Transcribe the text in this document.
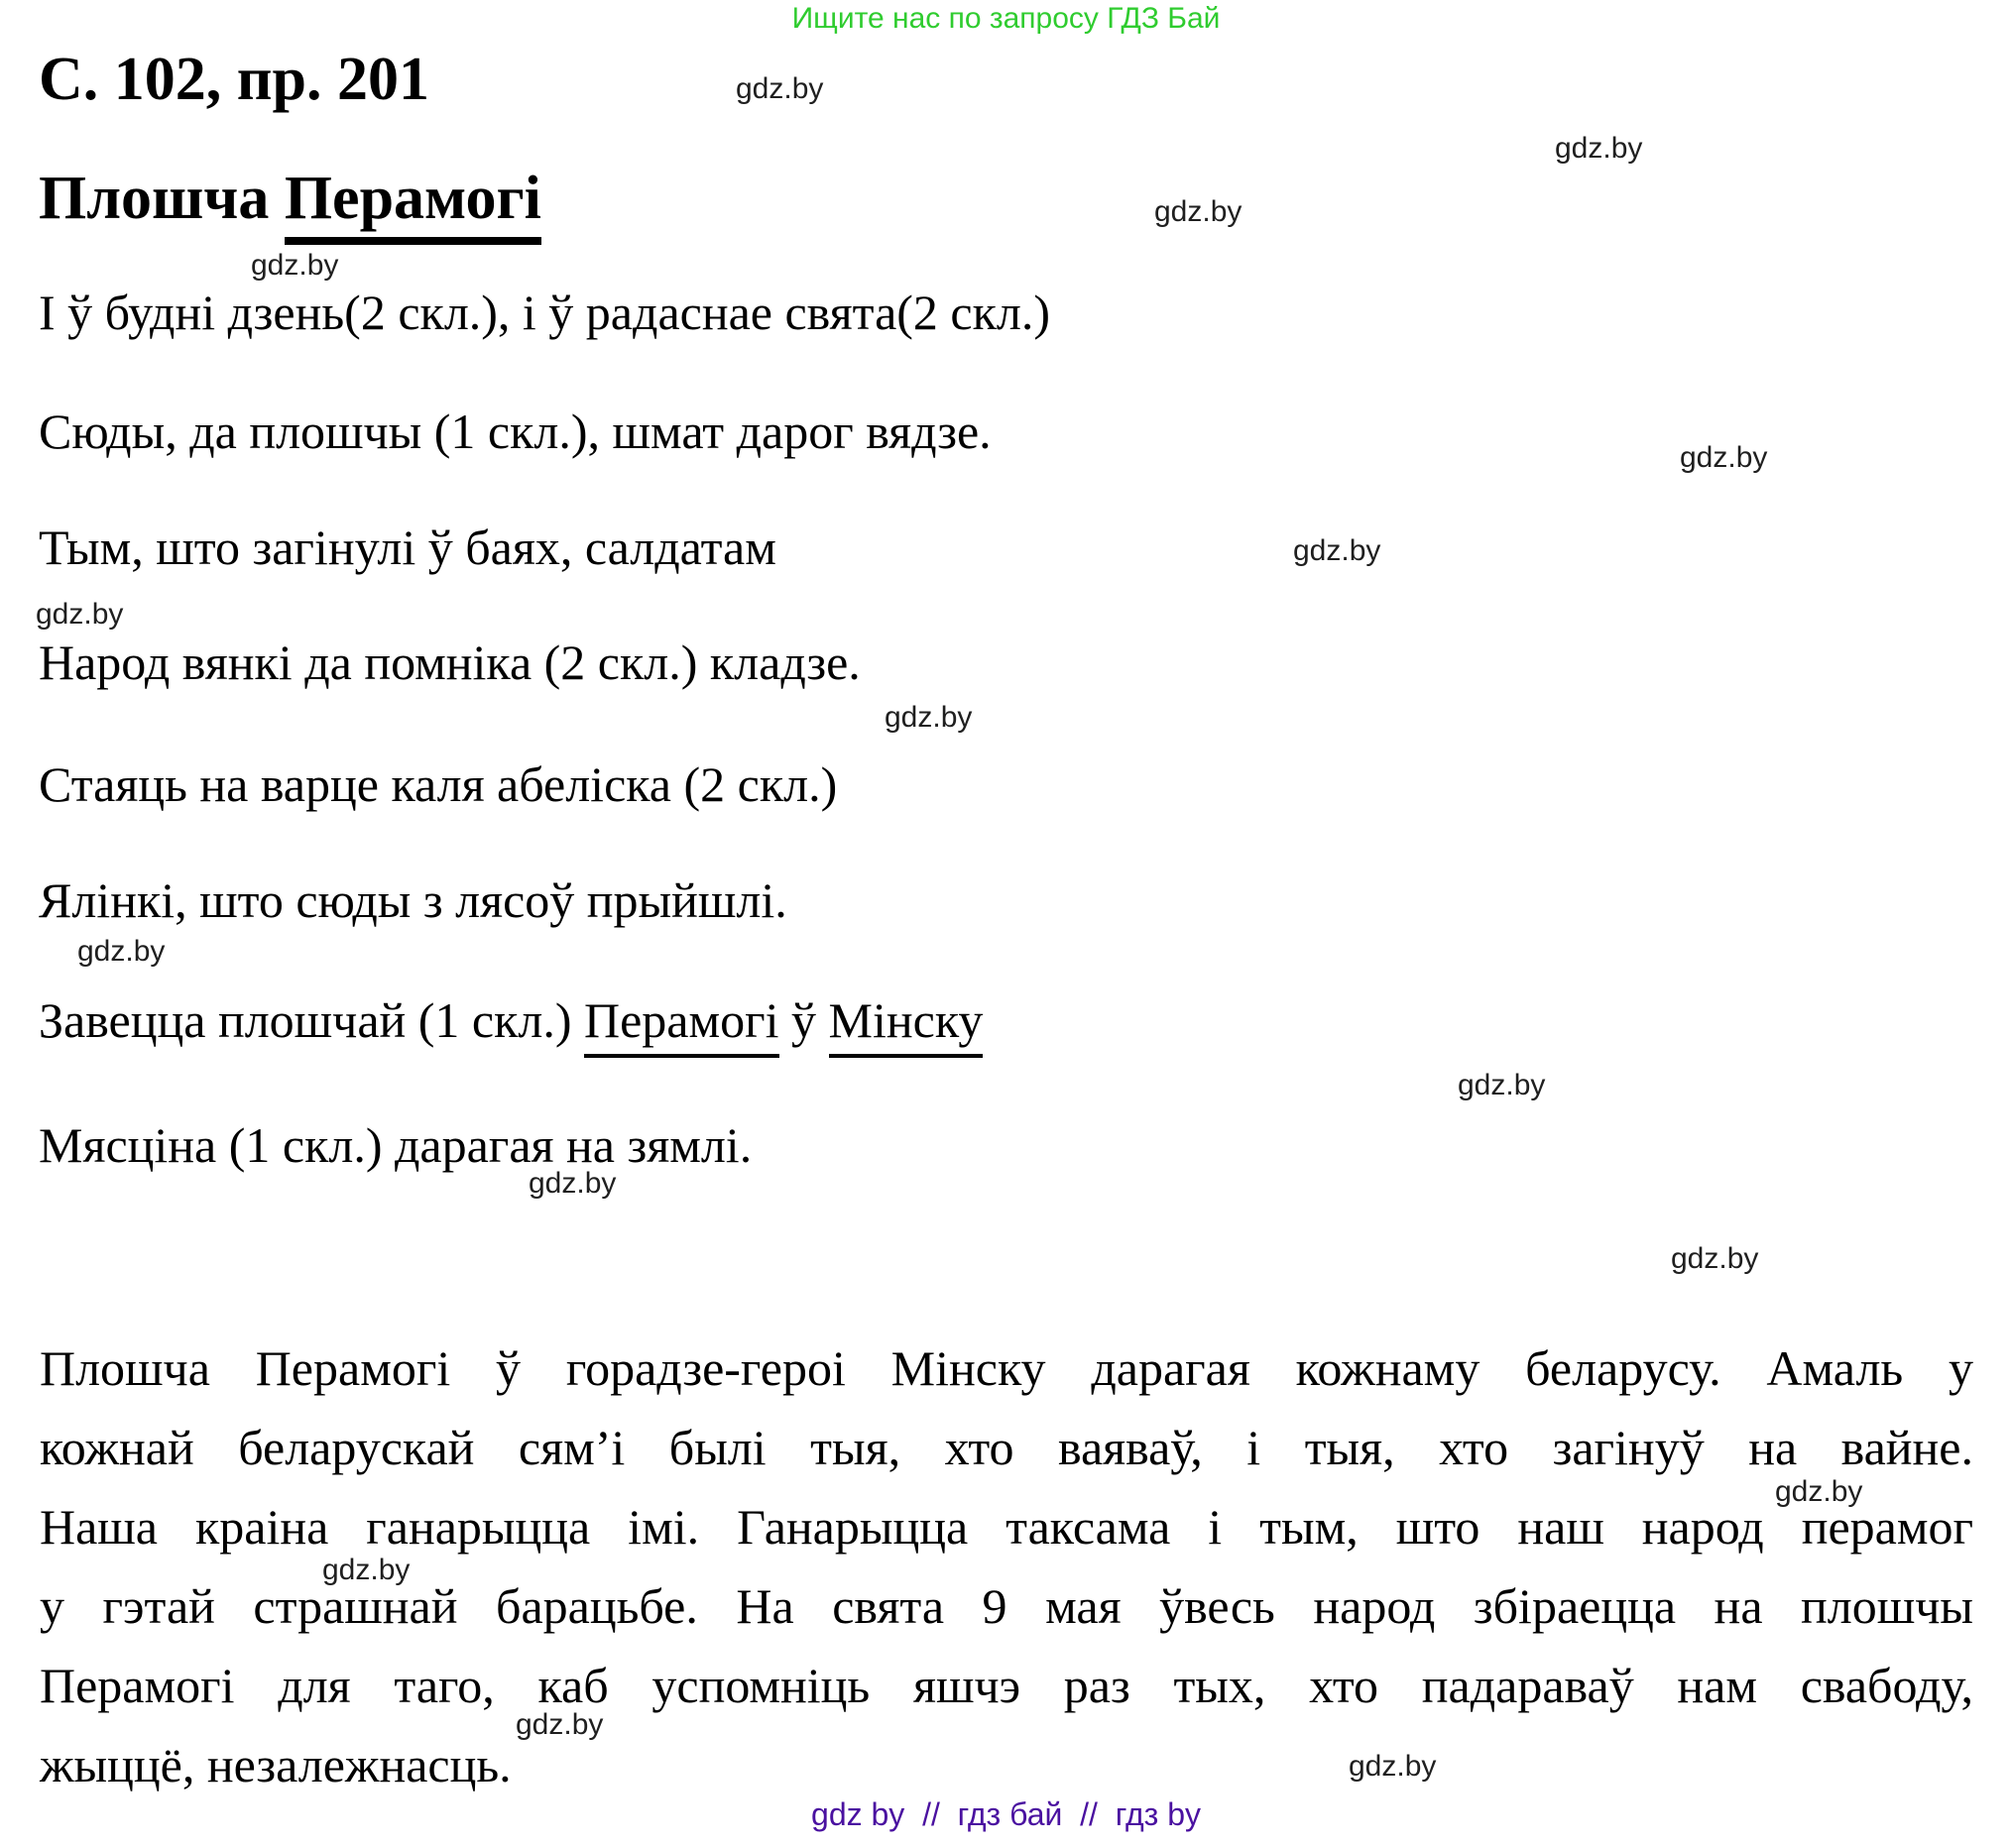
Ищите нас по запросу ГДЗ Бай
С. 102, пр. 201
Плошча Перамогі
І ў будні дзень(2 скл.), і ў радаснае свята(2 скл.)
Сюды, да плошчы (1 скл.), шмат дарог вядзе.
Тым, што загінулі ў баях, салдатам
Народ вянкі да помніка (2 скл.) кладзе.
Стаяць на варце каля абеліска (2 скл.)
Ялінкі, што сюды з лясоў прыйшлі.
Завецца плошчай (1 скл.) Перамогі ў Мінску
Мясціна (1 скл.) дарагая на зямлі.
Плошча Перамогі ў горадзе-героі Мінску дарагая кожнаму беларусу. Амаль у
кожнай беларускай сям’і былі тыя, хто ваяваў, і тыя, хто загінуў на вайне.
Наша краіна ганарыцца імі. Ганарыцца таксама і тым, што наш народ перамог
у гэтай страшнай барацьбе. На свята 9 мая ўвесь народ збіраецца на плошчы
Перамогі для таго, каб успомніць яшчэ раз тых, хто падараваў нам свабоду,
жыццё, незалежнасць.
gdz.by
gdz.by
gdz.by
gdz.by
gdz.by
gdz.by
gdz.by
gdz.by
gdz.by
gdz.by
gdz.by
gdz.by
gdz.by
gdz.by
gdz.by
gdz.by
gdz by  //  гдз бай  //  гдз by
